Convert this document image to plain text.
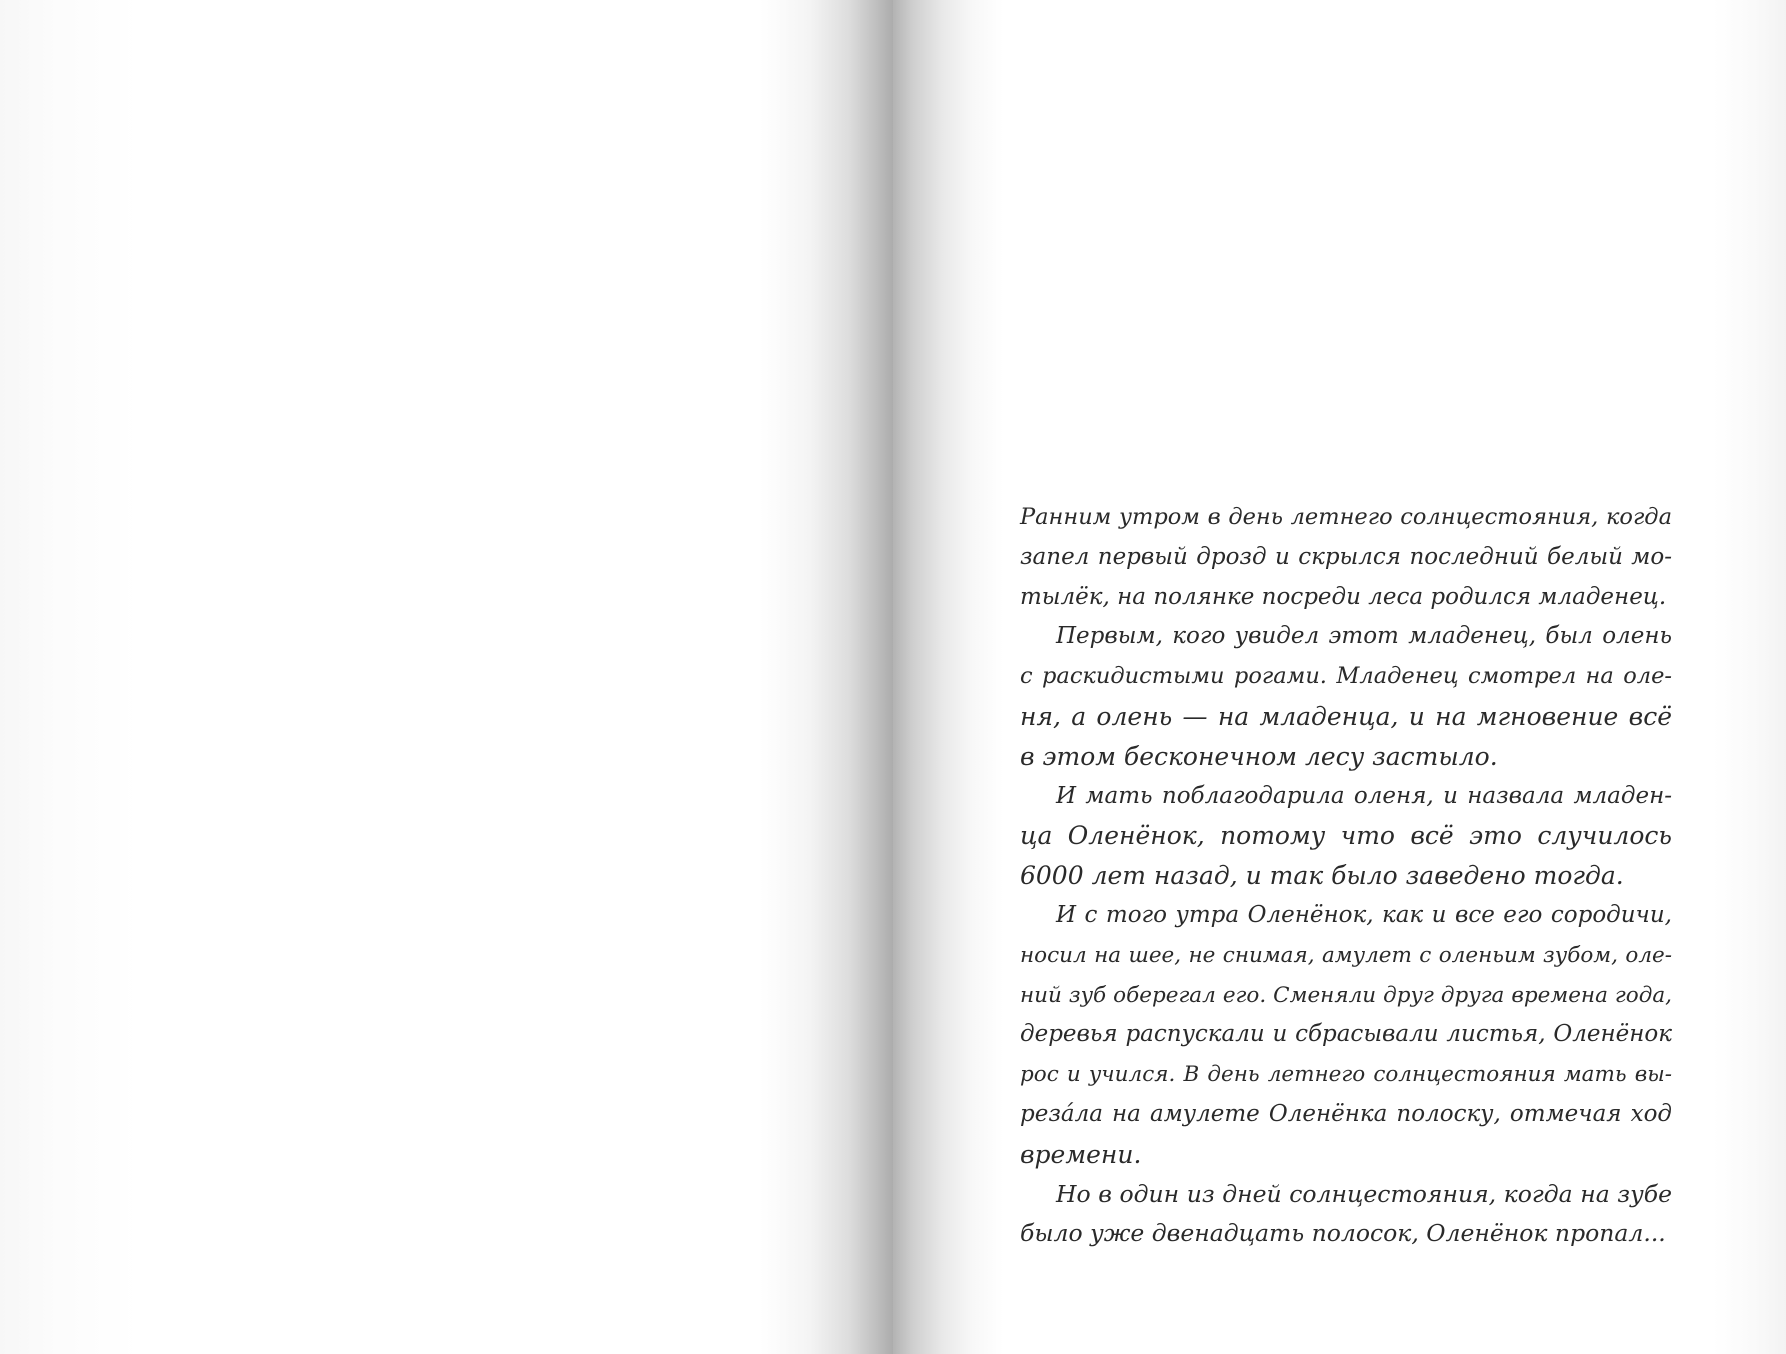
Ранним утром в день летнего солнцестояния, когда
запел первый дрозд и скрылся последний белый мо-
тылёк, на полянке посреди леса родился младенец.
Первым, кого увидел этот младенец, был олень
с раскидистыми рогами. Младенец смотрел на оле-
ня, а олень — на младенца, и на мгновение всё
в этом бесконечном лесу застыло.
И мать поблагодарила оленя, и назвала младен-
ца Оленёнок, потому что всё это случилось
6000 лет назад, и так было заведено тогда.
И с того утра Оленёнок, как и все его сородичи,
носил на шее, не снимая, амулет с оленьим зубом, оле-
ний зуб оберегал его. Сменяли друг друга времена года,
деревья распускали и сбрасывали листья, Оленёнок
рос и учился. В день летнего солнцестояния мать вы-
резáла на амулете Оленёнка полоску, отмечая ход
времени.
Но в один из дней солнцестояния, когда на зубе
было уже двенадцать полосок, Оленёнок пропал...
